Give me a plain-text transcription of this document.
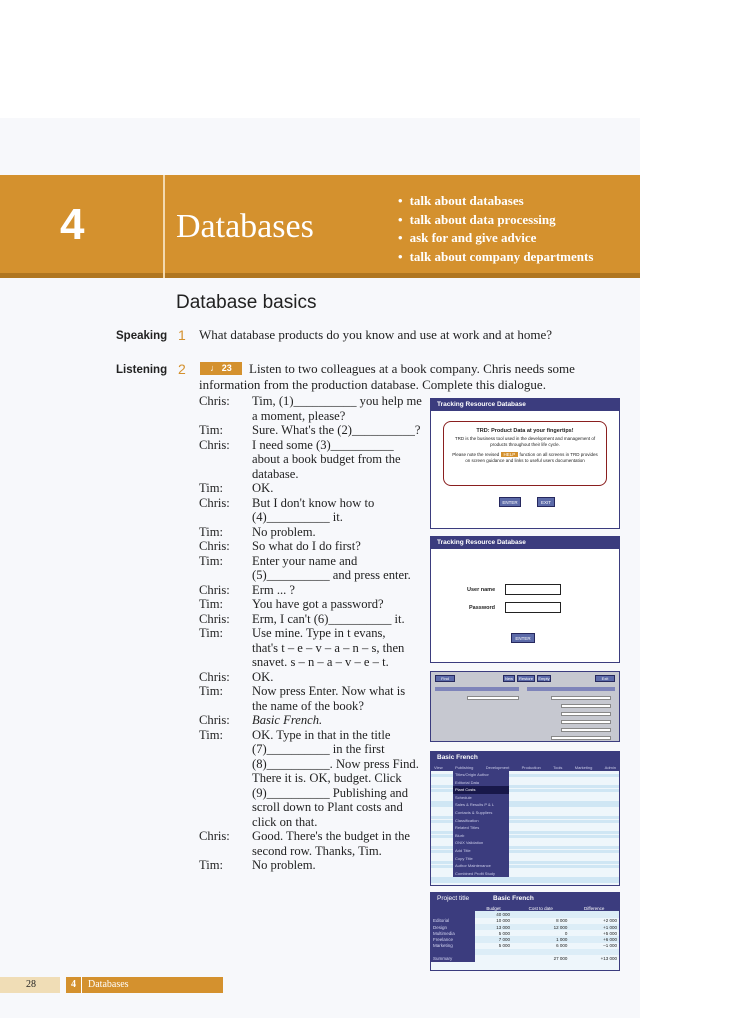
4	Databases
• talk about databases
• talk about data processing
• ask for and give advice
• talk about company departments
Database basics
Speaking 1 What database products do you know and use at work and at home?
Listening 2	Listen to two colleagues at a book company. Chris needs some information from the production database. Complete this dialogue.
♩ 23
Chris:	Tim, (1)__________ you help me
a moment, please?
Tim:	Sure. What's the (2)__________?
Chris:	I need some (3)__________
about a book budget from the
database.
Tim:	OK.
Chris:	But I don't know how to
(4)__________ it.
Tim:	No problem.
Chris:	So what do I do first?
Tim:	Enter your name and
(5)__________ and press enter.
Chris:	Erm ... ?
Tim:	You have got a password?
Chris:	Erm, I can't (6)__________ it.
Tim:	Use mine. Type in t evans,
that's t – e – v – a – n – s, then
snavet. s – n – a – v – e – t.
Chris:	OK.
Tim:	Now press Enter. Now what is
the name of the book?
Chris:	Basic French.
Tim:	OK. Type in that in the title
(7)__________ in the first
(8)__________. Now press Find.
There it is. OK, budget. Click
(9)__________ Publishing and
scroll down to Plant costs and
click on that.
Chris:	Good. There's the budget in the
second row. Thanks, Tim.
Tim:	No problem.
Tracking Resource Database
TRD: Product Data at your fingertips!

TRD is the business tool used in the development and management of products throughout their life cycle.
Please note the revised HELP function on all screens in TRD provides on screen guidance and links to useful users documentation
ENTER	EXIT
Tracking Resource Database
User name
Password
ENTER
Find	New	Restore	Empty	Exit
Basic French
View	Publishing	Development	Production	Tools	Marketing	Admin
Titles/Origin Author
Editorial Data
Plant Costs
Schedule
Sales & Results P & L
Contacts & Suppliers
Classification
Related Titles
Blurb
ONIX Validation
Add Title
Copy Title
Author Maintenance
Combined Profit Study
Project title	Basic French
	Budget	Cost to date	Difference
	40 000		
Editorial	10 000	8 000	+2 000
Design	13 000	12 000	+1 000
Multimedia	5 000	0	+5 000
Freelance	7 000	1 000	+6 000
Marketing	5 000	6 000	–1 000

Summary		27 000	+13 000
28	4 Databases
